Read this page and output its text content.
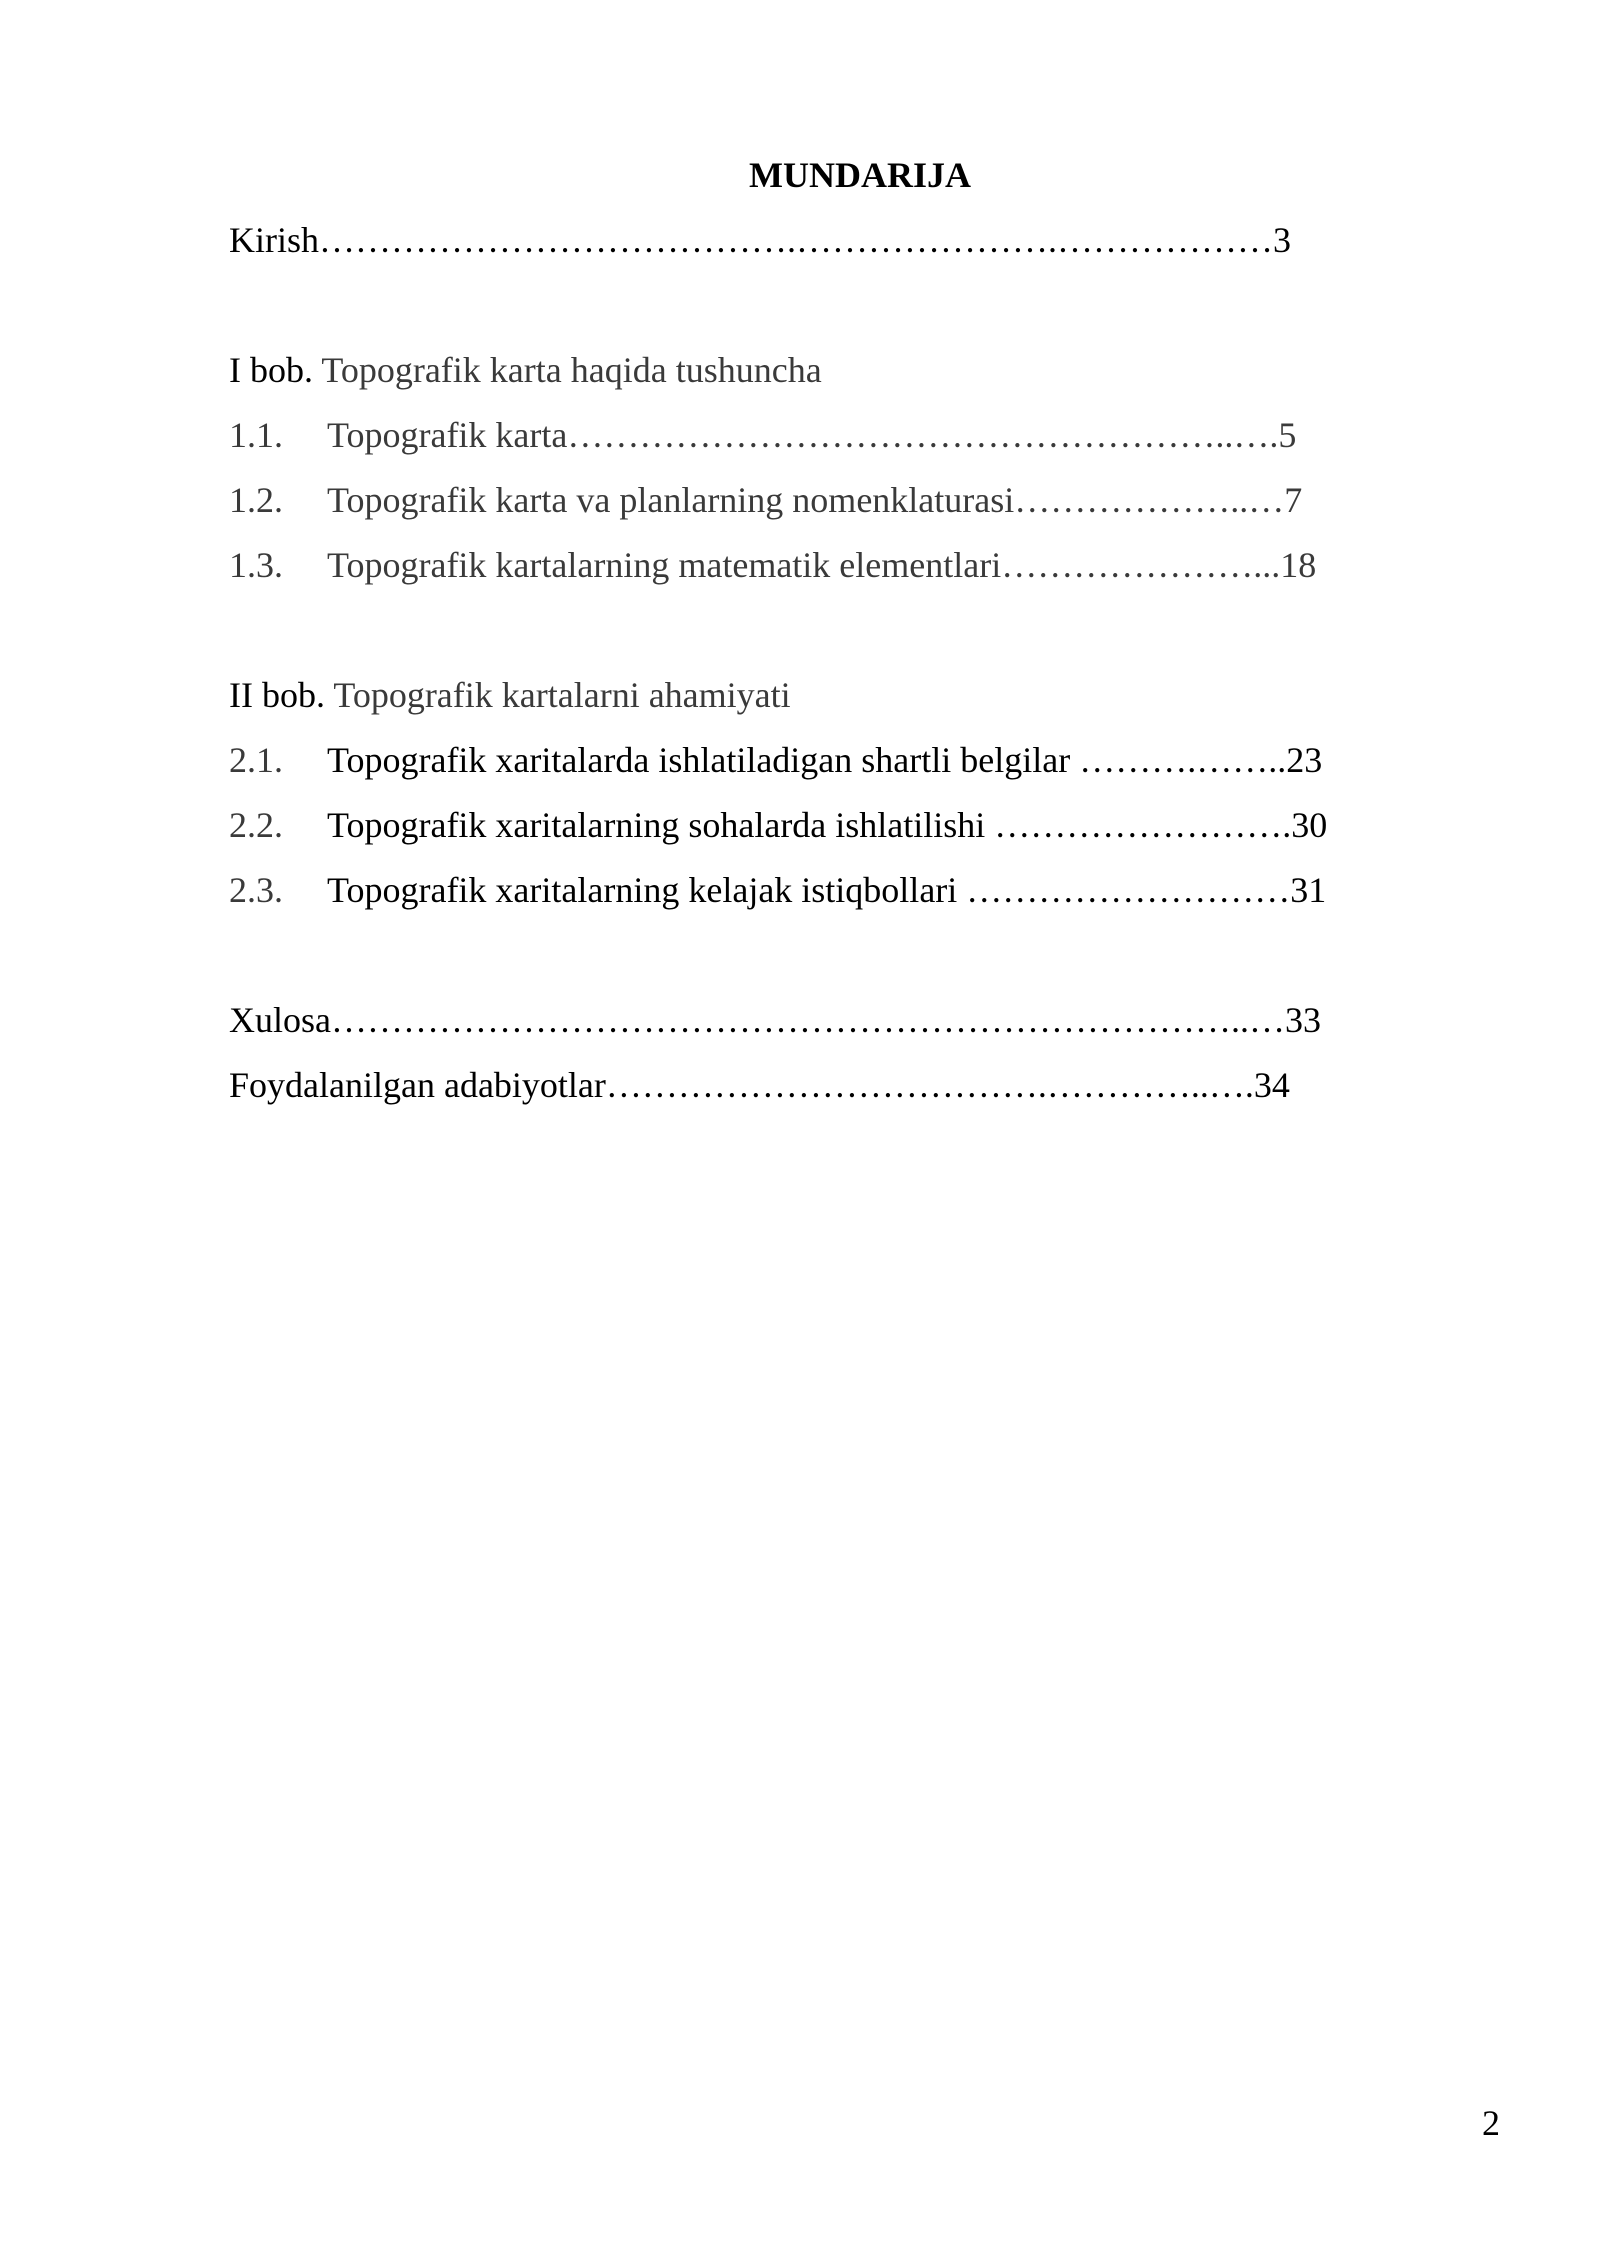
MUNDARIJA
Kirish………………………………….………………….………………3
I bob. Topografik karta haqida tushuncha
1.1. Topografik karta………………………………………………..….5
1.2. Topografik karta va planlarning nomenklaturasi………………..…7
1.3. Topografik kartalarning matematik elementlari…………………...18
II bob. Topografik kartalarni ahamiyati
2.1. Topografik xaritalarda ishlatiladigan shartli belgilar ……….……..23
2.2. Topografik xaritalarning sohalarda ishlatilishi …………………….30
2.3. Topografik xaritalarning kelajak istiqbollari ………………………31
Xulosa…………………………………………………………………..…33
Foydalanilgan adabiyotlar……………………………….…………..….34
2
